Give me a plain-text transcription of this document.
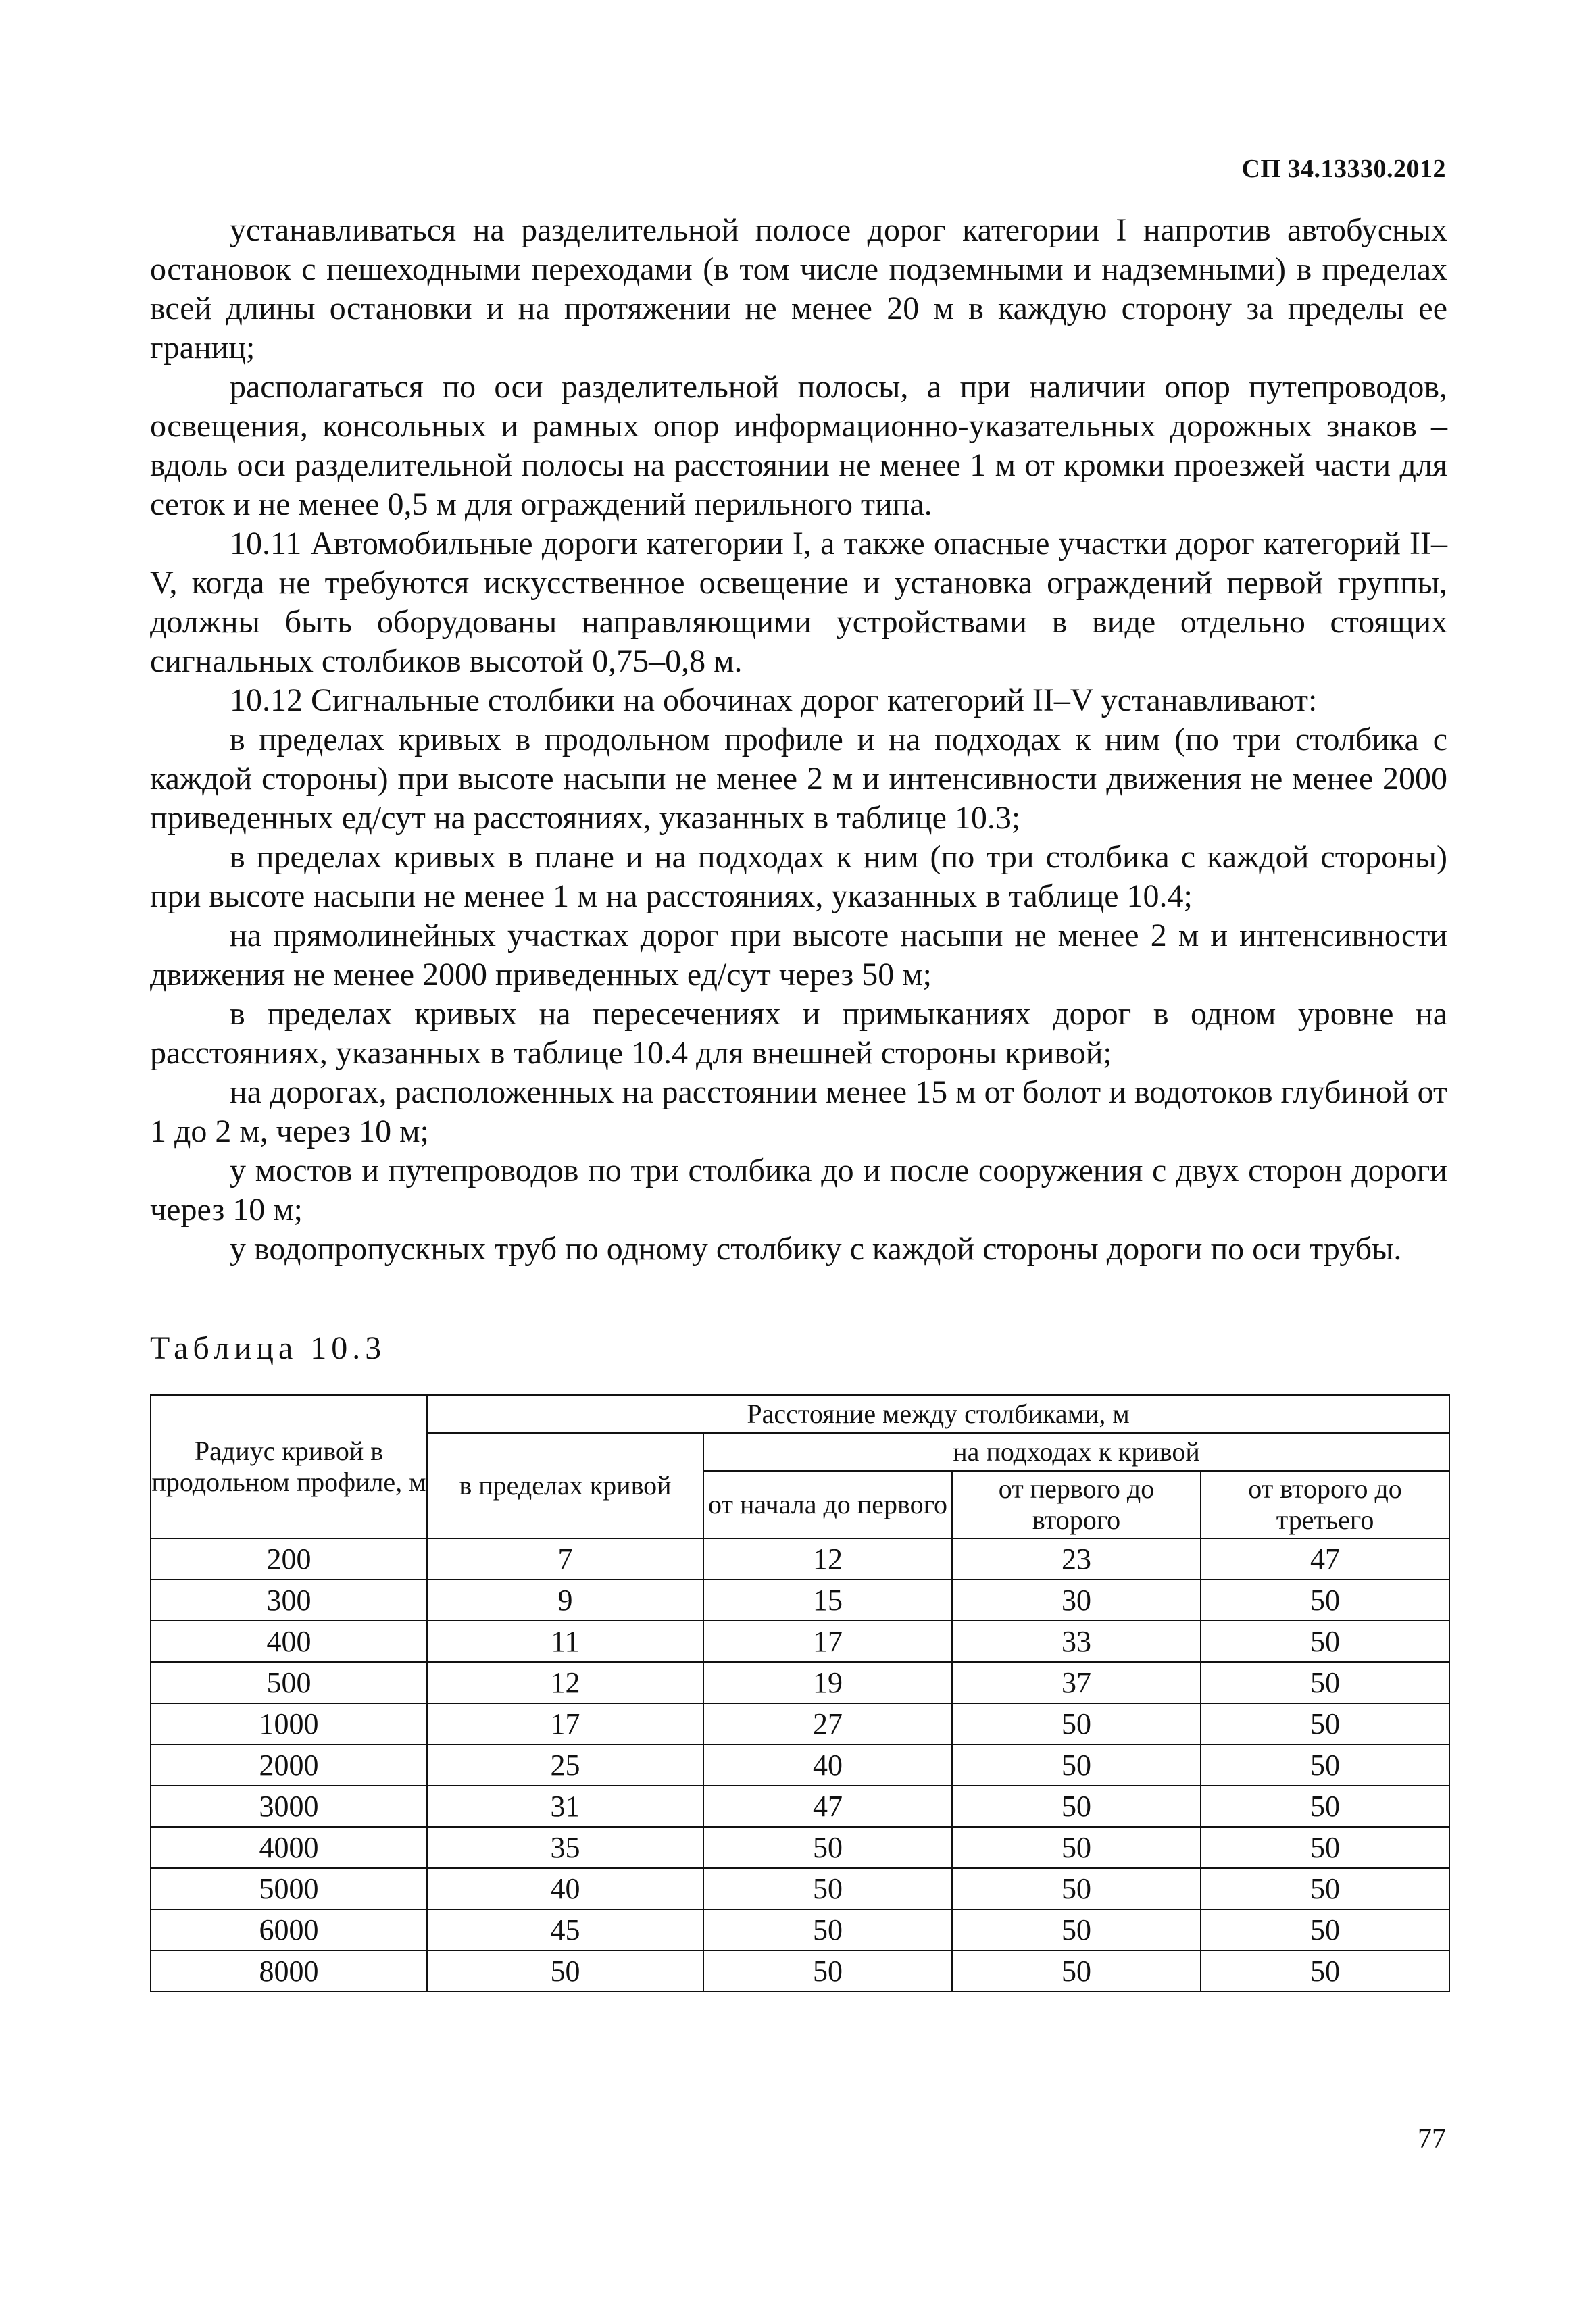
СП 34.13330.2012

устанавливаться на разделительной полосе дорог категории I напротив автобусных остановок с пешеходными переходами (в том числе подземными и надземными) в пределах всей длины остановки и на протяжении не менее 20 м в каждую сторону за пределы ее границ;

располагаться по оси разделительной полосы, а при наличии опор путепроводов, освещения, консольных и рамных опор информационно-указательных дорожных знаков – вдоль оси разделительной полосы на расстоянии не менее 1 м от кромки проезжей части для сеток и не менее 0,5 м для ограждений перильного типа.

10.11 Автомобильные дороги категории I, а также опасные участки дорог категорий II–V, когда не требуются искусственное освещение и установка ограждений первой группы, должны быть оборудованы направляющими устройствами в виде отдельно стоящих сигнальных столбиков высотой 0,75–0,8 м.

10.12 Сигнальные столбики на обочинах дорог категорий II–V устанавливают:

в пределах кривых в продольном профиле и на подходах к ним (по три столбика с каждой стороны) при высоте насыпи не менее 2 м и интенсивности движения не менее 2000 приведенных ед/сут на расстояниях, указанных в таблице 10.3;

в пределах кривых в плане и на подходах к ним (по три столбика с каждой стороны) при высоте насыпи не менее 1 м на расстояниях, указанных в таблице 10.4;

на прямолинейных участках дорог при высоте насыпи не менее 2 м и интенсивности движения не менее 2000 приведенных ед/сут через 50 м;

в пределах кривых на пересечениях и примыканиях дорог в одном уровне на расстояниях, указанных в таблице 10.4 для внешней стороны кривой;

на дорогах, расположенных на расстоянии менее 15 м от болот и водотоков глубиной от 1 до 2 м, через 10 м;

у мостов и путепроводов по три столбика до и после сооружения с двух сторон дороги через 10 м;

у водопропускных труб по одному столбику с каждой стороны дороги по оси трубы.

Таблица 10.3
Радиус кривой в продольном профиле, м	Расстояние между столбиками, м			
	в пределах кривой	на подходах к кривой		
		от начала до первого	от первого до второго	от второго до третьего
200	7	12	23	47
300	9	15	30	50
400	11	17	33	50
500	12	19	37	50
1000	17	27	50	50
2000	25	40	50	50
3000	31	47	50	50
4000	35	50	50	50
5000	40	50	50	50
6000	45	50	50	50
8000	50	50	50	50
77
